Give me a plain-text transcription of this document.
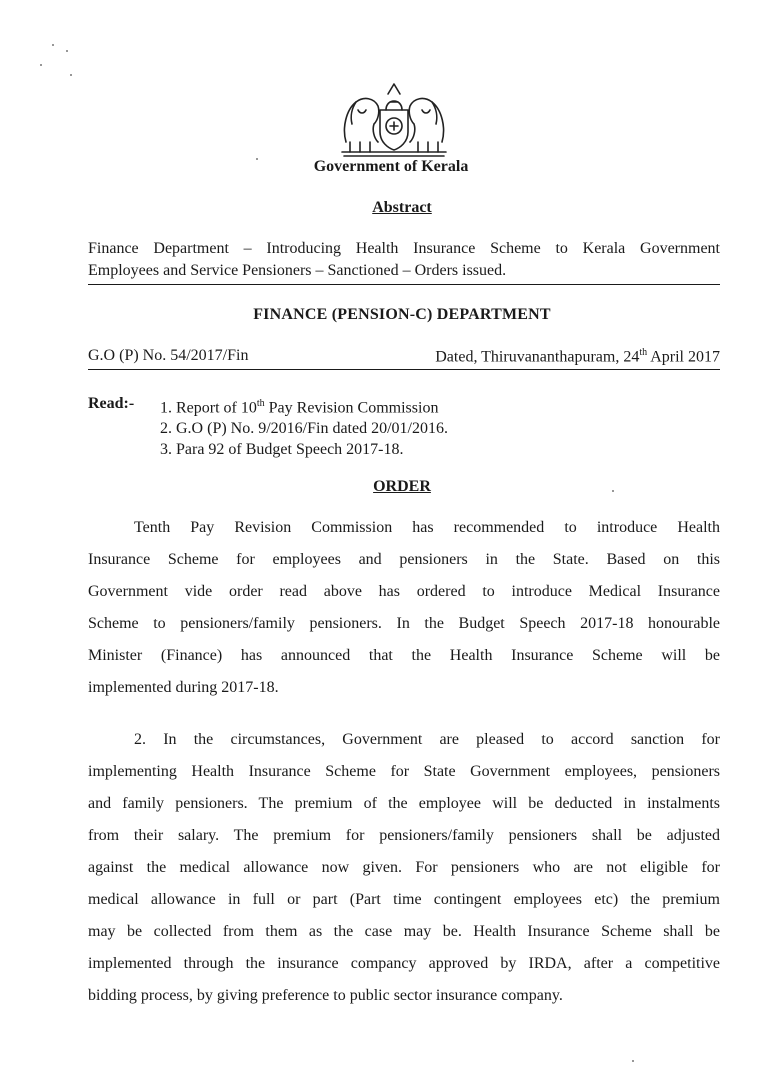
Government of Kerala
Abstract

Finance Department – Introducing Health Insurance Scheme to Kerala Government
Employees and Service Pensioners – Sanctioned – Orders issued.

FINANCE (PENSION-C) DEPARTMENT
G.O (P) No. 54/2017/Fin	Dated, Thiruvananthapuram, 24th April 2017
Read:- 1. Report of 10th Pay Revision Commission
2. G.O (P) No. 9/2016/Fin dated 20/01/2016.
3. Para 92 of Budget Speech 2017-18.
ORDER

Tenth Pay Revision Commission has recommended to introduce Health
Insurance Scheme for employees and pensioners in the State. Based on this
Government vide order read above has ordered to introduce Medical Insurance
Scheme to pensioners/family pensioners. In the Budget Speech 2017-18 honourable
Minister (Finance) has announced that the Health Insurance Scheme will be
implemented during 2017-18.

2. In the circumstances, Government are pleased to accord sanction for
implementing Health Insurance Scheme for State Government employees, pensioners
and family pensioners. The premium of the employee will be deducted in instalments
from their salary. The premium for pensioners/family pensioners shall be adjusted
against the medical allowance now given. For pensioners who are not eligible for
medical allowance in full or part (Part time contingent employees etc) the premium
may be collected from them as the case may be. Health Insurance Scheme shall be
implemented through the insurance compancy approved by IRDA, after a competitive
bidding process, by giving preference to public sector insurance company.
